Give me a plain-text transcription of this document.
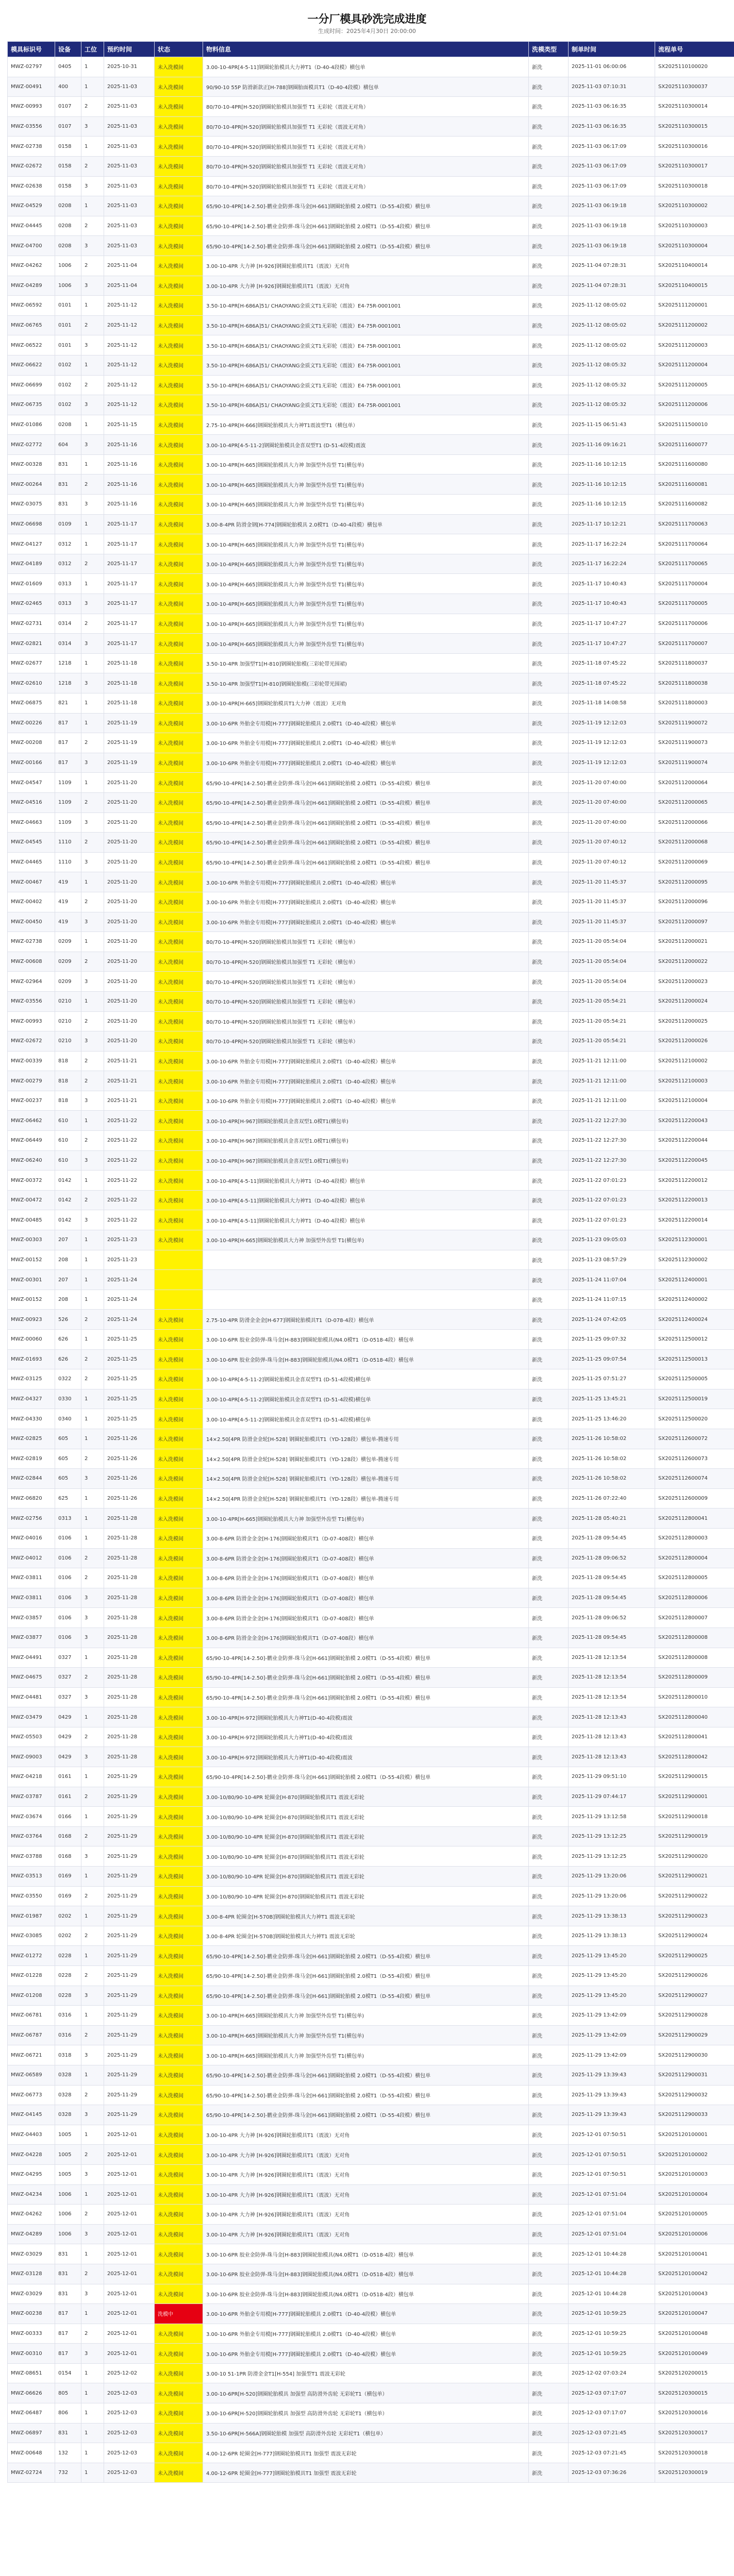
一分厂模具砂洗完成进度
生成时间：2025年4月30日 20:00:00
模具标识号	设备	工位	预约时间	状态	物料信息	洗模类型	制单时间	流程单号
MWZ-02797	0405	1	2025-10-31	未入洗模间	3.00-10-4PR[4-5-11]钢圈轮胎模具大力神T1（D-40-4段模）横包单	新洗	2025-11-01 06:00:06	SX2025110100020
MWZ-00491	400	1	2025-11-03	未入洗模间	90/90-10 55P 防滑新款正[H-788]钢圈胎面模具T1（D-40-4段模）横包单	新洗	2025-11-03 07:10:31	SX2025110300037
MWZ-00993	0107	2	2025-11-03	未入洗模间	80/70-10-4PR[H-520]钢圈轮胎模具加强型 T1 无彩轮（震波无对角）	新洗	2025-11-03 06:16:35	SX2025110300014
MWZ-03556	0107	3	2025-11-03	未入洗模间	80/70-10-4PR[H-520]钢圈轮胎模具加强型 T1 无彩轮（震波无对角）	新洗	2025-11-03 06:16:35	SX2025110300015
MWZ-02738	0158	1	2025-11-03	未入洗模间	80/70-10-4PR[H-520]钢圈轮胎模具加强型 T1 无彩轮（震波无对角）	新洗	2025-11-03 06:17:09	SX2025110300016
MWZ-02672	0158	2	2025-11-03	未入洗模间	80/70-10-4PR[H-520]钢圈轮胎模具加强型 T1 无彩轮（震波无对角）	新洗	2025-11-03 06:17:09	SX2025110300017
MWZ-02638	0158	3	2025-11-03	未入洗模间	80/70-10-4PR[H-520]钢圈轮胎模具加强型 T1 无彩轮（震波无对角）	新洗	2025-11-03 06:17:09	SX2025110300018
MWZ-04529	0208	1	2025-11-03	未入洗模间	65/90-10-4PR[14-2.50]-鹏业金防弹-珠马金[H-661]钢圈轮胎模 2.0模T1（D-55-4段模）横包单	新洗	2025-11-03 06:19:18	SX2025110300002
MWZ-04445	0208	2	2025-11-03	未入洗模间	65/90-10-4PR[14-2.50]-鹏业金防弹-珠马金[H-661]钢圈轮胎模 2.0模T1（D-55-4段模）横包单	新洗	2025-11-03 06:19:18	SX2025110300003
MWZ-04700	0208	3	2025-11-03	未入洗模间	65/90-10-4PR[14-2.50]-鹏业金防弹-珠马金[H-661]钢圈轮胎模 2.0模T1（D-55-4段模）横包单	新洗	2025-11-03 06:19:18	SX2025110300004
MWZ-04262	1006	2	2025-11-04	未入洗模间	3.00-10-4PR 大力神 [H-926]钢圈轮胎模具T1（震波）无对角	新洗	2025-11-04 07:28:31	SX2025110400014
MWZ-04289	1006	3	2025-11-04	未入洗模间	3.00-10-4PR 大力神 [H-926]钢圈轮胎模具T1（震波）无对角	新洗	2025-11-04 07:28:31	SX2025110400015
MWZ-06592	0101	1	2025-11-12	未入洗模间	3.50-10-4PR[H-686A]51/ CHAOYANG金质文T1无彩轮（震波）E4-75R-0001001	新洗	2025-11-12 08:05:02	SX2025111200001
MWZ-06765	0101	2	2025-11-12	未入洗模间	3.50-10-4PR[H-686A]51/ CHAOYANG金质文T1无彩轮（震波）E4-75R-0001001	新洗	2025-11-12 08:05:02	SX2025111200002
MWZ-06522	0101	3	2025-11-12	未入洗模间	3.50-10-4PR[H-686A]51/ CHAOYANG金质文T1无彩轮（震波）E4-75R-0001001	新洗	2025-11-12 08:05:02	SX2025111200003
MWZ-06622	0102	1	2025-11-12	未入洗模间	3.50-10-4PR[H-686A]51/ CHAOYANG金质文T1无彩轮（震波）E4-75R-0001001	新洗	2025-11-12 08:05:32	SX2025111200004
MWZ-06699	0102	2	2025-11-12	未入洗模间	3.50-10-4PR[H-686A]51/ CHAOYANG金质文T1无彩轮（震波）E4-75R-0001001	新洗	2025-11-12 08:05:32	SX2025111200005
MWZ-06735	0102	3	2025-11-12	未入洗模间	3.50-10-4PR[H-686A]51/ CHAOYANG金质文T1无彩轮（震波）E4-75R-0001001	新洗	2025-11-12 08:05:32	SX2025111200006
MWZ-01086	0208	1	2025-11-15	未入洗模间	2.75-10-4PR[H-666]钢圈轮胎模具大力神T1震波型T1（横包单）	新洗	2025-11-15 06:51:43	SX2025111500010
MWZ-02772	604	3	2025-11-16	未入洗模间	3.00-10-4PR[4-5-11-2]钢圈轮胎模具金喜双型T1 (D-51-4段模)震波	新洗	2025-11-16 09:16:21	SX2025111600077
MWZ-00328	831	1	2025-11-16	未入洗模间	3.00-10-4PR[H-665]钢圈轮胎模具大力神 加强型外齿型 T1(横包单)	新洗	2025-11-16 10:12:15	SX2025111600080
MWZ-00264	831	2	2025-11-16	未入洗模间	3.00-10-4PR[H-665]钢圈轮胎模具大力神 加强型外齿型 T1(横包单)	新洗	2025-11-16 10:12:15	SX2025111600081
MWZ-03075	831	3	2025-11-16	未入洗模间	3.00-10-4PR[H-665]钢圈轮胎模具大力神 加强型外齿型 T1(横包单)	新洗	2025-11-16 10:12:15	SX2025111600082
MWZ-06698	0109	1	2025-11-17	未入洗模间	3.00-8-4PR 防滑金钢[H-774]钢圈轮胎模具 2.0模T1（D-40-4段模）横包单	新洗	2025-11-17 10:12:21	SX2025111700063
MWZ-04127	0312	1	2025-11-17	未入洗模间	3.00-10-4PR[H-665]钢圈轮胎模具大力神 加强型外齿型 T1(横包单)	新洗	2025-11-17 16:22:24	SX2025111700064
MWZ-04189	0312	2	2025-11-17	未入洗模间	3.00-10-4PR[H-665]钢圈轮胎模具大力神 加强型外齿型 T1(横包单)	新洗	2025-11-17 16:22:24	SX2025111700065
MWZ-01609	0313	1	2025-11-17	未入洗模间	3.00-10-4PR[H-665]钢圈轮胎模具大力神 加强型外齿型 T1(横包单)	新洗	2025-11-17 10:40:43	SX2025111700004
MWZ-02465	0313	3	2025-11-17	未入洗模间	3.00-10-4PR[H-665]钢圈轮胎模具大力神 加强型外齿型 T1(横包单)	新洗	2025-11-17 10:40:43	SX2025111700005
MWZ-02731	0314	2	2025-11-17	未入洗模间	3.00-10-4PR[H-665]钢圈轮胎模具大力神 加强型外齿型 T1(横包单)	新洗	2025-11-17 10:47:27	SX2025111700006
MWZ-02821	0314	3	2025-11-17	未入洗模间	3.00-10-4PR[H-665]钢圈轮胎模具大力神 加强型外齿型 T1(横包单)	新洗	2025-11-17 10:47:27	SX2025111700007
MWZ-02677	1218	1	2025-11-18	未入洗模间	3.50-10-4PR 加强型T1[H-810]钢圈轮胎模(三彩轮带光围裙)	新洗	2025-11-18 07:45:22	SX2025111800037
MWZ-02610	1218	3	2025-11-18	未入洗模间	3.50-10-4PR 加强型T1[H-810]钢圈轮胎模(三彩轮带光围裙)	新洗	2025-11-18 07:45:22	SX2025111800038
MWZ-06875	821	1	2025-11-18	未入洗模间	3.00-10-4PR[H-665]钢圈轮胎模具T1大力神（震波）无对角	新洗	2025-11-18 14:08:58	SX2025111800003
MWZ-00226	817	1	2025-11-19	未入洗模间	3.00-10-6PR 外胎金专用模[H-777]钢圈轮胎模具 2.0模T1（D-40-4段模）横包单	新洗	2025-11-19 12:12:03	SX2025111900072
MWZ-00208	817	2	2025-11-19	未入洗模间	3.00-10-6PR 外胎金专用模[H-777]钢圈轮胎模具 2.0模T1（D-40-4段模）横包单	新洗	2025-11-19 12:12:03	SX2025111900073
MWZ-00166	817	3	2025-11-19	未入洗模间	3.00-10-6PR 外胎金专用模[H-777]钢圈轮胎模具 2.0模T1（D-40-4段模）横包单	新洗	2025-11-19 12:12:03	SX2025111900074
MWZ-04547	1109	1	2025-11-20	未入洗模间	65/90-10-4PR[14-2.50]-鹏业金防弹-珠马金[H-661]钢圈轮胎模 2.0模T1（D-55-4段模）横包单	新洗	2025-11-20 07:40:00	SX2025112000064
MWZ-04516	1109	2	2025-11-20	未入洗模间	65/90-10-4PR[14-2.50]-鹏业金防弹-珠马金[H-661]钢圈轮胎模 2.0模T1（D-55-4段模）横包单	新洗	2025-11-20 07:40:00	SX2025112000065
MWZ-04663	1109	3	2025-11-20	未入洗模间	65/90-10-4PR[14-2.50]-鹏业金防弹-珠马金[H-661]钢圈轮胎模 2.0模T1（D-55-4段模）横包单	新洗	2025-11-20 07:40:00	SX2025112000066
MWZ-04545	1110	2	2025-11-20	未入洗模间	65/90-10-4PR[14-2.50]-鹏业金防弹-珠马金[H-661]钢圈轮胎模 2.0模T1（D-55-4段模）横包单	新洗	2025-11-20 07:40:12	SX2025112000068
MWZ-04465	1110	3	2025-11-20	未入洗模间	65/90-10-4PR[14-2.50]-鹏业金防弹-珠马金[H-661]钢圈轮胎模 2.0模T1（D-55-4段模）横包单	新洗	2025-11-20 07:40:12	SX2025112000069
MWZ-00467	419	1	2025-11-20	未入洗模间	3.00-10-6PR 外胎金专用模[H-777]钢圈轮胎模具 2.0模T1（D-40-4段模）横包单	新洗	2025-11-20 11:45:37	SX2025112000095
MWZ-00402	419	2	2025-11-20	未入洗模间	3.00-10-6PR 外胎金专用模[H-777]钢圈轮胎模具 2.0模T1（D-40-4段模）横包单	新洗	2025-11-20 11:45:37	SX2025112000096
MWZ-00450	419	3	2025-11-20	未入洗模间	3.00-10-6PR 外胎金专用模[H-777]钢圈轮胎模具 2.0模T1（D-40-4段模）横包单	新洗	2025-11-20 11:45:37	SX2025112000097
MWZ-02738	0209	1	2025-11-20	未入洗模间	80/70-10-4PR[H-520]钢圈轮胎模具加强型 T1 无彩轮（横包单）	新洗	2025-11-20 05:54:04	SX2025112000021
MWZ-00608	0209	2	2025-11-20	未入洗模间	80/70-10-4PR[H-520]钢圈轮胎模具加强型 T1 无彩轮（横包单）	新洗	2025-11-20 05:54:04	SX2025112000022
MWZ-02964	0209	3	2025-11-20	未入洗模间	80/70-10-4PR[H-520]钢圈轮胎模具加强型 T1 无彩轮（横包单）	新洗	2025-11-20 05:54:04	SX2025112000023
MWZ-03556	0210	1	2025-11-20	未入洗模间	80/70-10-4PR[H-520]钢圈轮胎模具加强型 T1 无彩轮（横包单）	新洗	2025-11-20 05:54:21	SX2025112000024
MWZ-00993	0210	2	2025-11-20	未入洗模间	80/70-10-4PR[H-520]钢圈轮胎模具加强型 T1 无彩轮（横包单）	新洗	2025-11-20 05:54:21	SX2025112000025
MWZ-02672	0210	3	2025-11-20	未入洗模间	80/70-10-4PR[H-520]钢圈轮胎模具加强型 T1 无彩轮（横包单）	新洗	2025-11-20 05:54:21	SX2025112000026
MWZ-00339	818	2	2025-11-21	未入洗模间	3.00-10-6PR 外胎金专用模[H-777]钢圈轮胎模具 2.0模T1（D-40-4段模）横包单	新洗	2025-11-21 12:11:00	SX2025112100002
MWZ-00279	818	2	2025-11-21	未入洗模间	3.00-10-6PR 外胎金专用模[H-777]钢圈轮胎模具 2.0模T1（D-40-4段模）横包单	新洗	2025-11-21 12:11:00	SX2025112100003
MWZ-00237	818	3	2025-11-21	未入洗模间	3.00-10-6PR 外胎金专用模[H-777]钢圈轮胎模具 2.0模T1（D-40-4段模）横包单	新洗	2025-11-21 12:11:00	SX2025112100004
MWZ-06462	610	1	2025-11-22	未入洗模间	3.00-10-4PR[H-967]钢圈轮胎模具金喜双型1.0模T1(横包单)	新洗	2025-11-22 12:27:30	SX2025112200043
MWZ-06449	610	2	2025-11-22	未入洗模间	3.00-10-4PR[H-967]钢圈轮胎模具金喜双型1.0模T1(横包单)	新洗	2025-11-22 12:27:30	SX2025112200044
MWZ-06240	610	3	2025-11-22	未入洗模间	3.00-10-4PR[H-967]钢圈轮胎模具金喜双型1.0模T1(横包单)	新洗	2025-11-22 12:27:30	SX2025112200045
MWZ-00372	0142	1	2025-11-22	未入洗模间	3.00-10-4PR[4-5-11]钢圈轮胎模具大力神T1（D-40-4段模）横包单	新洗	2025-11-22 07:01:23	SX2025112200012
MWZ-00472	0142	2	2025-11-22	未入洗模间	3.00-10-4PR[4-5-11]钢圈轮胎模具大力神T1（D-40-4段模）横包单	新洗	2025-11-22 07:01:23	SX2025112200013
MWZ-00485	0142	3	2025-11-22	未入洗模间	3.00-10-4PR[4-5-11]钢圈轮胎模具大力神T1（D-40-4段模）横包单	新洗	2025-11-22 07:01:23	SX2025112200014
MWZ-00303	207	1	2025-11-23	未入洗模间	3.00-10-4PR[H-665]钢圈轮胎模具大力神 加强型外齿型 T1(横包单)	新洗	2025-11-23 09:05:03	SX2025112300001
MWZ-00152	208	1	2025-11-23			新洗	2025-11-23 08:57:29	SX2025112300002
MWZ-00301	207	1	2025-11-24			新洗	2025-11-24 11:07:04	SX2025112400001
MWZ-00152	208	1	2025-11-24			新洗	2025-11-24 11:07:15	SX2025112400002
MWZ-00923	526	2	2025-11-24	未入洗模间	2.75-10-4PR 防滑金金金[H-677]钢圈轮胎模具T1（D-078-4段）横包单	新洗	2025-11-24 07:42:05	SX2025112400024
MWZ-00060	626	1	2025-11-25	未入洗模间	3.00-10-6PR 胶业金防弹-珠马金[H-883]钢圈轮胎模具(N4.0模T1（D-0518-4段）横包单	新洗	2025-11-25 09:07:32	SX2025112500012
MWZ-01693	626	2	2025-11-25	未入洗模间	3.00-10-6PR 胶业金防弹-珠马金[H-883]钢圈轮胎模具(N4.0模T1（D-0518-4段）横包单	新洗	2025-11-25 09:07:54	SX2025112500013
MWZ-03125	0322	2	2025-11-25	未入洗模间	3.00-10-4PR[4-5-11-2]钢圈轮胎模具金喜双型T1 (D-51-4段模)横包单	新洗	2025-11-25 07:51:27	SX2025112500005
MWZ-04327	0330	1	2025-11-25	未入洗模间	3.00-10-4PR[4-5-11-2]钢圈轮胎模具金喜双型T1 (D-51-4段模)横包单	新洗	2025-11-25 13:45:21	SX2025112500019
MWZ-04330	0340	1	2025-11-25	未入洗模间	3.00-10-4PR[4-5-11-2]钢圈轮胎模具金喜双型T1 (D-51-4段模)横包单	新洗	2025-11-25 13:46:20	SX2025112500020
MWZ-02825	605	1	2025-11-26	未入洗模间	14×2.50[4PR 防滑金金轮[H-528] 钢圈轮胎模具T1（YD-128段）横包单-腾速专用	新洗	2025-11-26 10:58:02	SX2025112600072
MWZ-02819	605	2	2025-11-26	未入洗模间	14×2.50[4PR 防滑金金轮[H-528] 钢圈轮胎模具T1（YD-128段）横包单-腾速专用	新洗	2025-11-26 10:58:02	SX2025112600073
MWZ-02844	605	3	2025-11-26	未入洗模间	14×2.50[4PR 防滑金金轮[H-528] 钢圈轮胎模具T1（YD-128段）横包单-腾速专用	新洗	2025-11-26 10:58:02	SX2025112600074
MWZ-06820	625	1	2025-11-26	未入洗模间	14×2.50[4PR 防滑金金轮[H-528] 钢圈轮胎模具T1（YD-128段）横包单-腾速专用	新洗	2025-11-26 07:22:40	SX2025112600009
MWZ-02756	0313	1	2025-11-28	未入洗模间	3.00-10-4PR[H-665]钢圈轮胎模具大力神 加强型外齿型 T1(横包单)	新洗	2025-11-28 05:40:21	SX2025112800041
MWZ-04016	0106	1	2025-11-28	未入洗模间	3.00-8-6PR 防滑金金金[H-176]钢圈轮胎模具T1（D-07-408段）横包单	新洗	2025-11-28 09:54:45	SX2025112800003
MWZ-04012	0106	2	2025-11-28	未入洗模间	3.00-8-6PR 防滑金金金[H-176]钢圈轮胎模具T1（D-07-408段）横包单	新洗	2025-11-28 09:06:52	SX2025112800004
MWZ-03811	0106	2	2025-11-28	未入洗模间	3.00-8-6PR 防滑金金金[H-176]钢圈轮胎模具T1（D-07-408段）横包单	新洗	2025-11-28 09:54:45	SX2025112800005
MWZ-03811	0106	3	2025-11-28	未入洗模间	3.00-8-6PR 防滑金金金[H-176]钢圈轮胎模具T1（D-07-408段）横包单	新洗	2025-11-28 09:54:45	SX2025112800006
MWZ-03857	0106	3	2025-11-28	未入洗模间	3.00-8-6PR 防滑金金金[H-176]钢圈轮胎模具T1（D-07-408段）横包单	新洗	2025-11-28 09:06:52	SX2025112800007
MWZ-03877	0106	3	2025-11-28	未入洗模间	3.00-8-6PR 防滑金金金[H-176]钢圈轮胎模具T1（D-07-408段）横包单	新洗	2025-11-28 09:54:45	SX2025112800008
MWZ-04491	0327	1	2025-11-28	未入洗模间	65/90-10-4PR[14-2.50]-鹏业金防弹-珠马金[H-661]钢圈轮胎模 2.0模T1（D-55-4段模）横包单	新洗	2025-11-28 12:13:54	SX2025112800008
MWZ-04675	0327	2	2025-11-28	未入洗模间	65/90-10-4PR[14-2.50]-鹏业金防弹-珠马金[H-661]钢圈轮胎模 2.0模T1（D-55-4段模）横包单	新洗	2025-11-28 12:13:54	SX2025112800009
MWZ-04481	0327	3	2025-11-28	未入洗模间	65/90-10-4PR[14-2.50]-鹏业金防弹-珠马金[H-661]钢圈轮胎模 2.0模T1（D-55-4段模）横包单	新洗	2025-11-28 12:13:54	SX2025112800010
MWZ-03479	0429	1	2025-11-28	未入洗模间	3.00-10-4PR[H-972]钢圈轮胎模具大力神T1(D-40-4段模)震波	新洗	2025-11-28 12:13:43	SX2025112800040
MWZ-05503	0429	2	2025-11-28	未入洗模间	3.00-10-4PR[H-972]钢圈轮胎模具大力神T1(D-40-4段模)震波	新洗	2025-11-28 12:13:43	SX2025112800041
MWZ-09003	0429	3	2025-11-28	未入洗模间	3.00-10-4PR[H-972]钢圈轮胎模具大力神T1(D-40-4段模)震波	新洗	2025-11-28 12:13:43	SX2025112800042
MWZ-04218	0161	1	2025-11-29	未入洗模间	65/90-10-4PR[14-2.50]-鹏业金防弹-珠马金[H-661]钢圈轮胎模 2.0模T1（D-55-4段模）横包单	新洗	2025-11-29 09:51:10	SX2025112900015
MWZ-03787	0161	2	2025-11-29	未入洗模间	3.00-10/80/90-10-4PR 轮圈金[H-870]钢圈轮胎模具T1 震波无彩轮	新洗	2025-11-29 07:44:17	SX2025112900001
MWZ-03674	0166	1	2025-11-29	未入洗模间	3.00-10/80/90-10-4PR 轮圈金[H-870]钢圈轮胎模具T1 震波无彩轮	新洗	2025-11-29 13:12:58	SX2025112900018
MWZ-03764	0168	2	2025-11-29	未入洗模间	3.00-10/80/90-10-4PR 轮圈金[H-870]钢圈轮胎模具T1 震波无彩轮	新洗	2025-11-29 13:12:25	SX2025112900019
MWZ-03788	0168	3	2025-11-29	未入洗模间	3.00-10/80/90-10-4PR 轮圈金[H-870]钢圈轮胎模具T1 震波无彩轮	新洗	2025-11-29 13:12:25	SX2025112900020
MWZ-03513	0169	1	2025-11-29	未入洗模间	3.00-10/80/90-10-4PR 轮圈金[H-870]钢圈轮胎模具T1 震波无彩轮	新洗	2025-11-29 13:20:06	SX2025112900021
MWZ-03550	0169	2	2025-11-29	未入洗模间	3.00-10/80/90-10-4PR 轮圈金[H-870]钢圈轮胎模具T1 震波无彩轮	新洗	2025-11-29 13:20:06	SX2025112900022
MWZ-01987	0202	1	2025-11-29	未入洗模间	3.00-8-4PR 轮圈金[H-570B]钢圈轮胎模具大力神T1 震波无彩轮	新洗	2025-11-29 13:38:13	SX2025112900023
MWZ-03085	0202	2	2025-11-29	未入洗模间	3.00-8-4PR 轮圈金[H-570B]钢圈轮胎模具大力神T1 震波无彩轮	新洗	2025-11-29 13:38:13	SX2025112900024
MWZ-01272	0228	1	2025-11-29	未入洗模间	65/90-10-4PR[14-2.50]-鹏业金防弹-珠马金[H-661]钢圈轮胎模 2.0模T1（D-55-4段模）横包单	新洗	2025-11-29 13:45:20	SX2025112900025
MWZ-01228	0228	2	2025-11-29	未入洗模间	65/90-10-4PR[14-2.50]-鹏业金防弹-珠马金[H-661]钢圈轮胎模 2.0模T1（D-55-4段模）横包单	新洗	2025-11-29 13:45:20	SX2025112900026
MWZ-01208	0228	3	2025-11-29	未入洗模间	65/90-10-4PR[14-2.50]-鹏业金防弹-珠马金[H-661]钢圈轮胎模 2.0模T1（D-55-4段模）横包单	新洗	2025-11-29 13:45:20	SX2025112900027
MWZ-06781	0316	1	2025-11-29	未入洗模间	3.00-10-4PR[H-665]钢圈轮胎模具大力神 加强型外齿型 T1(横包单)	新洗	2025-11-29 13:42:09	SX2025112900028
MWZ-06787	0316	2	2025-11-29	未入洗模间	3.00-10-4PR[H-665]钢圈轮胎模具大力神 加强型外齿型 T1(横包单)	新洗	2025-11-29 13:42:09	SX2025112900029
MWZ-06721	0318	3	2025-11-29	未入洗模间	3.00-10-4PR[H-665]钢圈轮胎模具大力神 加强型外齿型 T1(横包单)	新洗	2025-11-29 13:42:09	SX2025112900030
MWZ-06589	0328	1	2025-11-29	未入洗模间	65/90-10-4PR[14-2.50]-鹏业金防弹-珠马金[H-661]钢圈轮胎模 2.0模T1（D-55-4段模）横包单	新洗	2025-11-29 13:39:43	SX2025112900031
MWZ-06773	0328	2	2025-11-29	未入洗模间	65/90-10-4PR[14-2.50]-鹏业金防弹-珠马金[H-661]钢圈轮胎模 2.0模T1（D-55-4段模）横包单	新洗	2025-11-29 13:39:43	SX2025112900032
MWZ-04145	0328	3	2025-11-29	未入洗模间	65/90-10-4PR[14-2.50]-鹏业金防弹-珠马金[H-661]钢圈轮胎模 2.0模T1（D-55-4段模）横包单	新洗	2025-11-29 13:39:43	SX2025112900033
MWZ-04403	1005	1	2025-12-01	未入洗模间	3.00-10-4PR 大力神 [H-926]钢圈轮胎模具T1（震波）无对角	新洗	2025-12-01 07:50:51	SX2025120100001
MWZ-04228	1005	2	2025-12-01	未入洗模间	3.00-10-4PR 大力神 [H-926]钢圈轮胎模具T1（震波）无对角	新洗	2025-12-01 07:50:51	SX2025120100002
MWZ-04295	1005	3	2025-12-01	未入洗模间	3.00-10-4PR 大力神 [H-926]钢圈轮胎模具T1（震波）无对角	新洗	2025-12-01 07:50:51	SX2025120100003
MWZ-04234	1006	1	2025-12-01	未入洗模间	3.00-10-4PR 大力神 [H-926]钢圈轮胎模具T1（震波）无对角	新洗	2025-12-01 07:51:04	SX2025120100004
MWZ-04262	1006	2	2025-12-01	未入洗模间	3.00-10-4PR 大力神 [H-926]钢圈轮胎模具T1（震波）无对角	新洗	2025-12-01 07:51:04	SX2025120100005
MWZ-04289	1006	3	2025-12-01	未入洗模间	3.00-10-4PR 大力神 [H-926]钢圈轮胎模具T1（震波）无对角	新洗	2025-12-01 07:51:04	SX2025120100006
MWZ-03029	831	1	2025-12-01	未入洗模间	3.00-10-6PR 胶业金防弹-珠马金[H-883]钢圈轮胎模具(N4.0模T1（D-0518-4段）横包单	新洗	2025-12-01 10:44:28	SX2025120100041
MWZ-03128	831	2	2025-12-01	未入洗模间	3.00-10-6PR 胶业金防弹-珠马金[H-883]钢圈轮胎模具(N4.0模T1（D-0518-4段）横包单	新洗	2025-12-01 10:44:28	SX2025120100042
MWZ-03029	831	3	2025-12-01	未入洗模间	3.00-10-6PR 胶业金防弹-珠马金[H-883]钢圈轮胎模具(N4.0模T1（D-0518-4段）横包单	新洗	2025-12-01 10:44:28	SX2025120100043
MWZ-00238	817	1	2025-12-01	洗模中	3.00-10-6PR 外胎金专用模[H-777]钢圈轮胎模具 2.0模T1（D-40-4段模）横包单	新洗	2025-12-01 10:59:25	SX2025120100047
MWZ-00333	817	2	2025-12-01	未入洗模间	3.00-10-6PR 外胎金专用模[H-777]钢圈轮胎模具 2.0模T1（D-40-4段模）横包单	新洗	2025-12-01 10:59:25	SX2025120100048
MWZ-00310	817	3	2025-12-01	未入洗模间	3.00-10-6PR 外胎金专用模[H-777]钢圈轮胎模具 2.0模T1（D-40-4段模）横包单	新洗	2025-12-01 10:59:25	SX2025120100049
MWZ-08651	0154	1	2025-12-02	未入洗模间	3.00-10 51-1PR 防滑金金T1[H-554] 加强型T1 震波无彩轮	新洗	2025-12-02 07:03:24	SX2025120200015
MWZ-06626	805	1	2025-12-03	未入洗模间	3.00-10-6PR[H-520]钢圈轮胎模具 加强型 高防滑外齿轮 无彩轮T1（横包单）	新洗	2025-12-03 07:17:07	SX2025120300015
MWZ-06487	806	1	2025-12-03	未入洗模间	3.00-10-6PR[H-520]钢圈轮胎模具 加强型 高防滑外齿轮 无彩轮T1（横包单）	新洗	2025-12-03 07:17:07	SX2025120300016
MWZ-06897	831	1	2025-12-03	未入洗模间	3.50-10-6PR[H-566A]钢圈轮胎模 加强型 高防滑外齿轮 无彩轮T1（横包单）	新洗	2025-12-03 07:21:45	SX2025120300017
MWZ-00648	132	1	2025-12-03	未入洗模间	4.00-12-6PR 轮圈金[H-777]钢圈轮胎模具T1 加强型 震波无彩轮	新洗	2025-12-03 07:21:45	SX2025120300018
MWZ-02724	732	1	2025-12-03	未入洗模间	4.00-12-6PR 轮圈金[H-777]钢圈轮胎模具T1 加强型 震波无彩轮	新洗	2025-12-03 07:36:26	SX2025120300019
